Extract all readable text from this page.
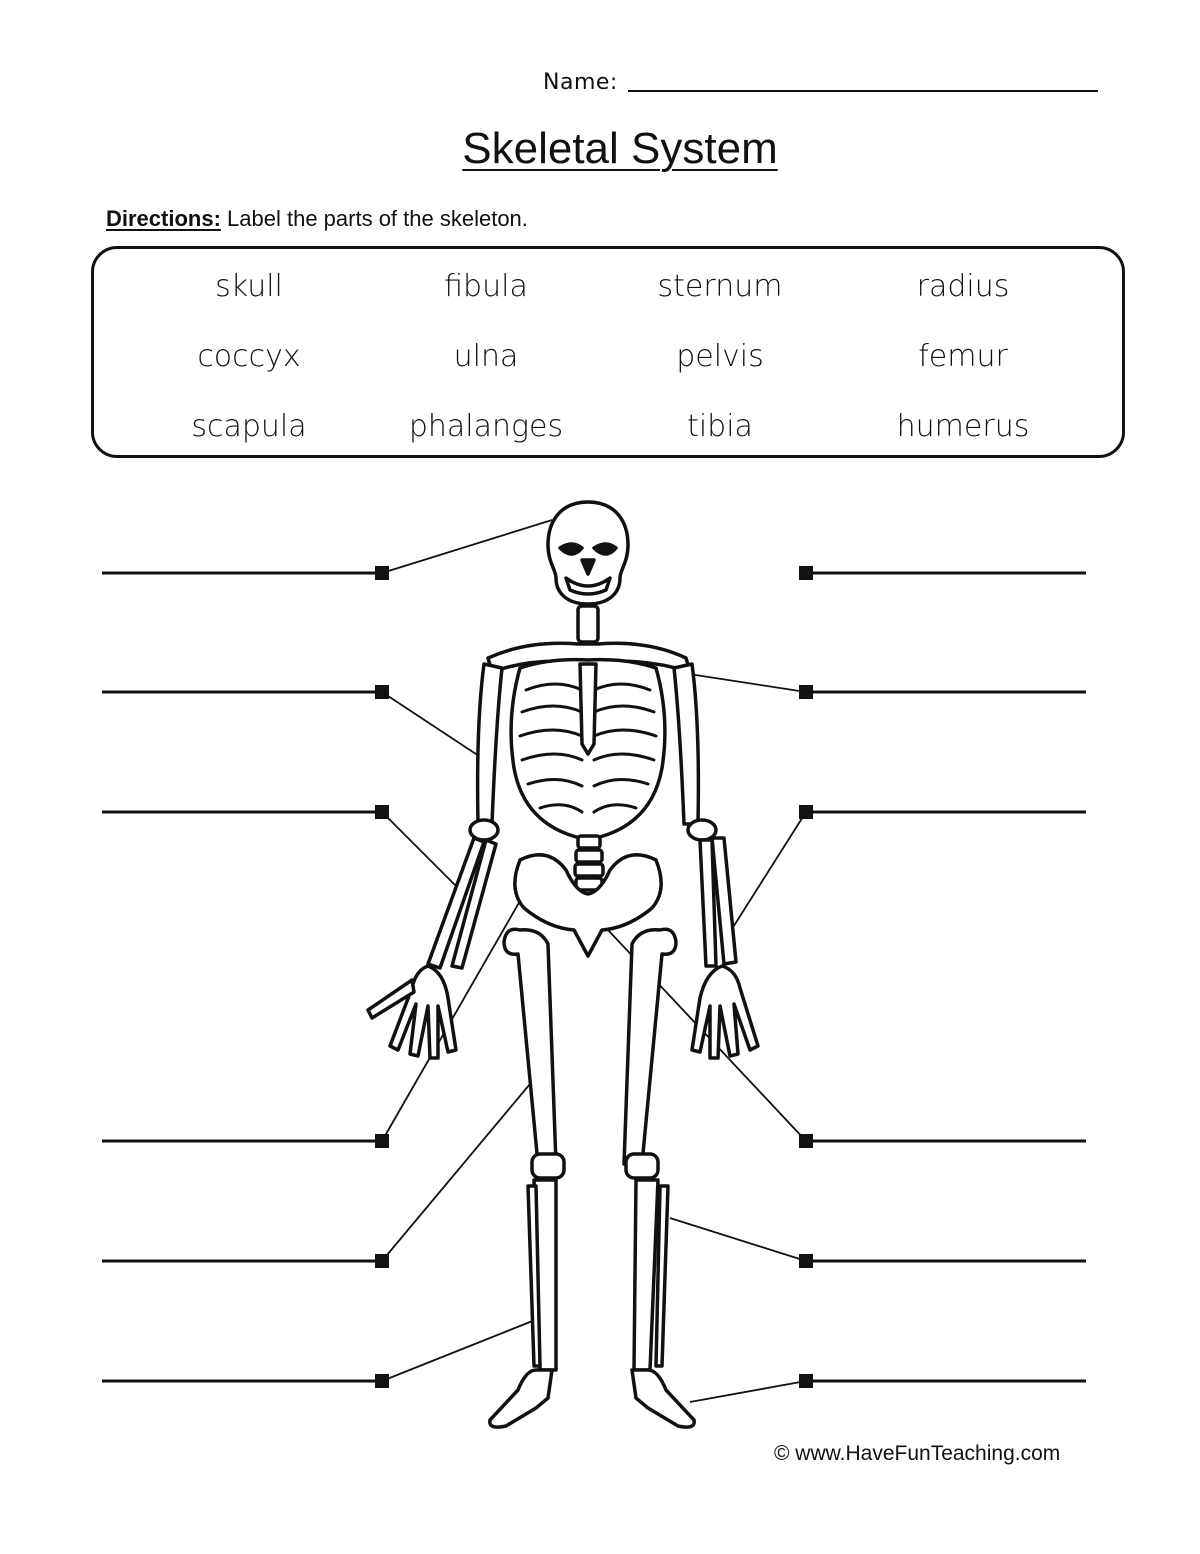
Name:
Skeletal System
Directions: Label the parts of the skeleton.
skull	fibula	sternum	radius
coccyx	ulna	pelvis	femur
scapula	phalanges	tibia	humerus
© www.HaveFunTeaching.com
